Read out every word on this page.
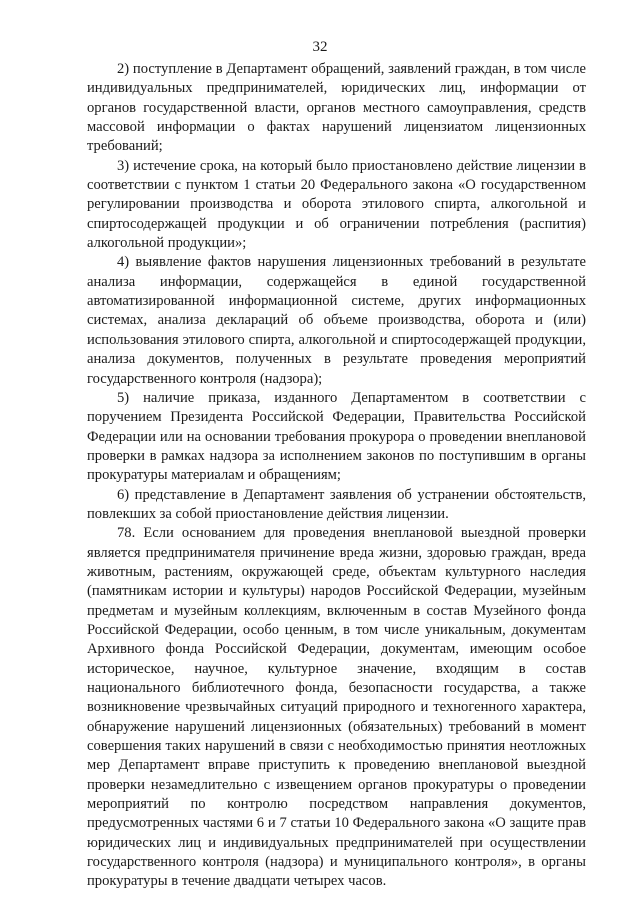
32

2) поступление в Департамент обращений, заявлений граждан, в том числе индивидуальных предпринимателей, юридических лиц, информации от органов государственной власти, органов местного самоуправления, средств массовой информации о фактах нарушений лицензиатом лицензионных требований;

3) истечение срока, на который было приостановлено действие лицензии в соответствии с пунктом 1 статьи 20 Федерального закона «О государственном регулировании производства и оборота этилового спирта, алкогольной и спиртосодержащей продукции и об ограничении потребления (распития) алкогольной продукции»;

4) выявление фактов нарушения лицензионных требований в результате анализа информации, содержащейся в единой государственной автоматизированной информационной системе, других информационных системах, анализа деклараций об объеме производства, оборота и (или) использования этилового спирта, алкогольной и спиртосодержащей продукции, анализа документов, полученных в результате проведения мероприятий государственного контроля (надзора);

5) наличие приказа, изданного Департаментом в соответствии с поручением Президента Российской Федерации, Правительства Российской Федерации или на основании требования прокурора о проведении внеплановой проверки в рамках надзора за исполнением законов по поступившим в органы прокуратуры материалам и обращениям;

6) представление в Департамент заявления об устранении обстоятельств, повлекших за собой приостановление действия лицензии.

78. Если основанием для проведения внеплановой выездной проверки является предпринимателя причинение вреда жизни, здоровью граждан, вреда животным, растениям, окружающей среде, объектам культурного наследия (памятникам истории и культуры) народов Российской Федерации, музейным предметам и музейным коллекциям, включенным в состав Музейного фонда Российской Федерации, особо ценным, в том числе уникальным, документам Архивного фонда Российской Федерации, документам, имеющим особое историческое, научное, культурное значение, входящим в состав национального библиотечного фонда, безопасности государства, а также возникновение чрезвычайных ситуаций природного и техногенного характера, обнаружение нарушений лицензионных (обязательных) требований в момент совершения таких нарушений в связи с необходимостью принятия неотложных мер Департамент вправе приступить к проведению внеплановой выездной проверки незамедлительно с извещением органов прокуратуры о проведении мероприятий по контролю посредством направления документов, предусмотренных частями 6 и 7 статьи 10 Федерального закона «О защите прав юридических лиц и индивидуальных предпринимателей при осуществлении государственного контроля (надзора) и муниципального контроля», в органы прокуратуры в течение двадцати четырех часов.
